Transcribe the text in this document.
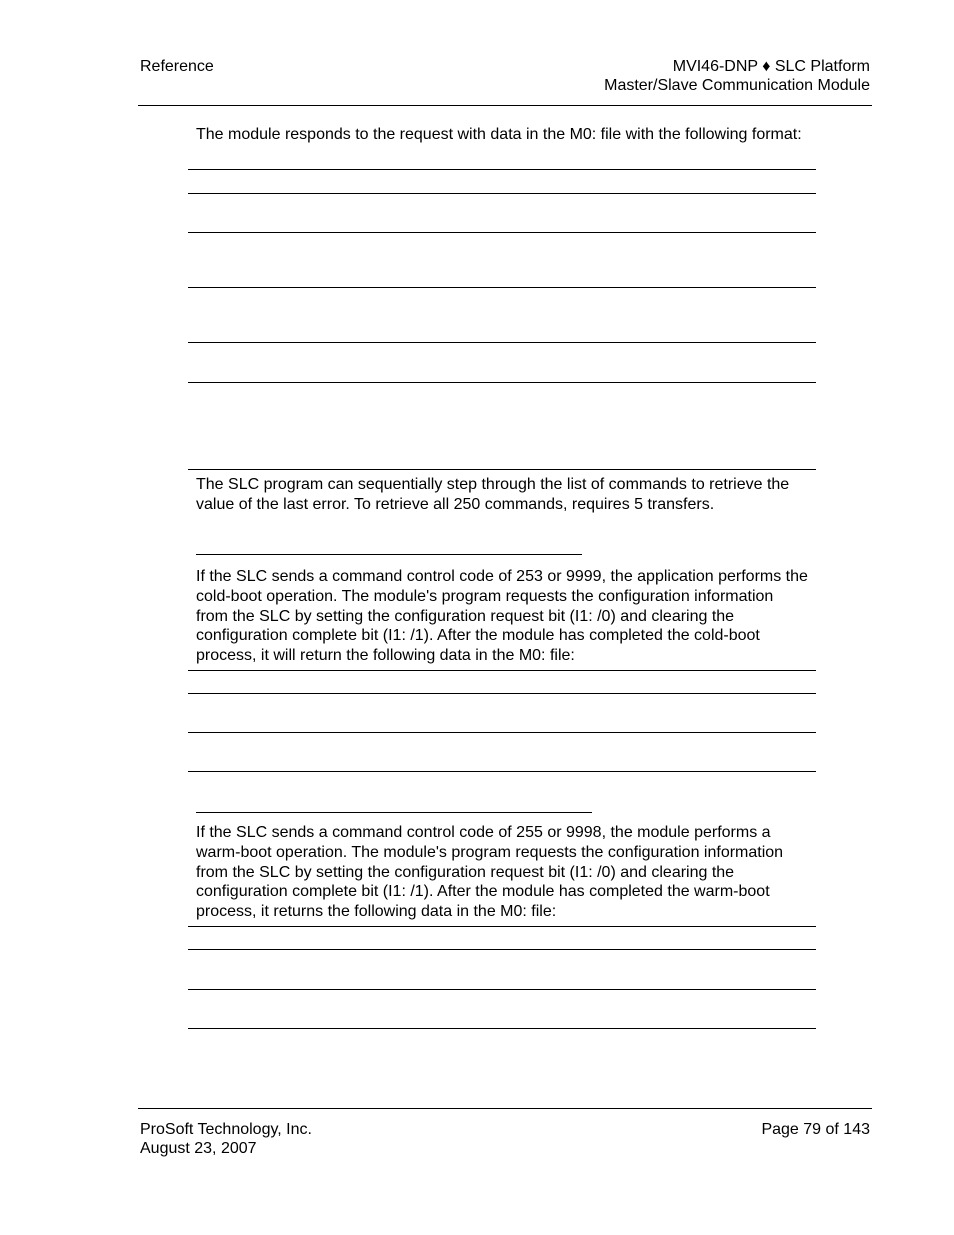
Reference	MVI46-DNP ♦ SLC Platform
Master/Slave Communication Module
The module responds to the request with data in the M0: file with the following format:
The SLC program can sequentially step through the list of commands to retrieve the value of the last error. To retrieve all 250 commands, requires 5 transfers.
If the SLC sends a command control code of 253 or 9999, the application performs the cold-boot operation. The module's program requests the configuration information from the SLC by setting the configuration request bit (I1: /0) and clearing the configuration complete bit (I1: /1). After the module has completed the cold-boot process, it will return the following data in the M0: file:
If the SLC sends a command control code of 255 or 9998, the module performs a warm-boot operation. The module's program requests the configuration information from the SLC by setting the configuration request bit (I1: /0) and clearing the configuration complete bit (I1: /1). After the module has completed the warm-boot process, it returns the following data in the M0: file:
ProSoft Technology, Inc.
August 23, 2007
Page 79 of 143
